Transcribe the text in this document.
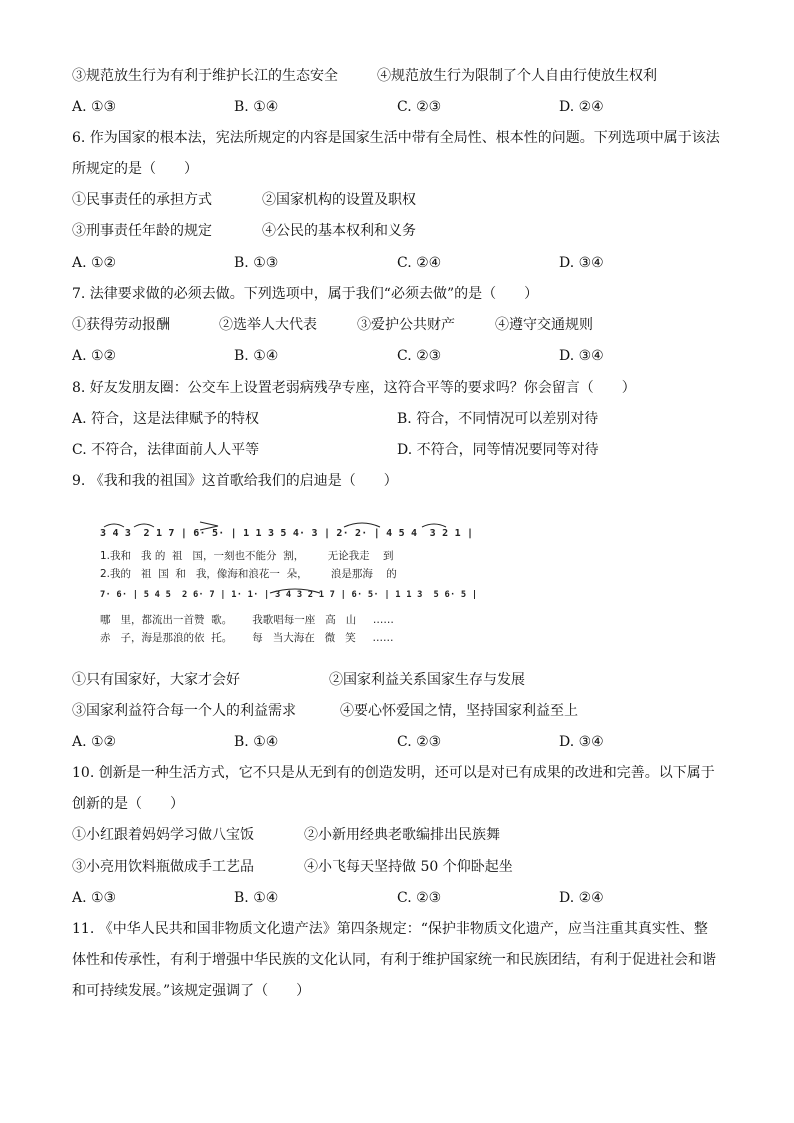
③规范放生行为有利于维护长江的生态安全	④规范放生行为限制了个人自由行使放生权利
A. ①③	B. ①④	C. ②③	D. ②④
6. 作为国家的根本法，宪法所规定的内容是国家生活中带有全局性、根本性的问题。下列选项中属于该法
所规定的是（　　）
①民事责任的承担方式	②国家机构的设置及职权
③刑事责任年龄的规定	④公民的基本权利和义务
A. ①②	B. ①③	C. ②④	D. ③④
7. 法律要求做的必须去做。下列选项中，属于我们“必须去做”的是（　　）
①获得劳动报酬	②选举人大代表	③爱护公共财产	④遵守交通规则
A. ①②	B. ①④	C. ②③	D. ③④
8. 好友发朋友圈：公交车上设置老弱病残孕专座，这符合平等的要求吗？你会留言（　　）
A. 符合，这是法律赋予的特权	B. 符合，不同情况可以差别对待
C. 不符合，法律面前人人平等	D. 不符合，同等情况要同等对待
9. 《我和我的祖国》这首歌给我们的启迪是（　　）
3 4 3  2 1 7 | 6· 5· | 1 1 3 5 4· 3 | 2· 2· | 4 5 4  3 2 1 |
1.我和   我 的  祖   国，一刻也不能分  割，       无论我走    到
2.我的   祖  国  和   我，像海和浪花一  朵，       浪是那海    的
7· 6· | 5 4 5  2 6· 7 | 1· 1· | 3 4 3 2 1 7 | 6· 5· | 1 1 3  5 6· 5 |
哪   里，都流出一首赞  歌。      我歌唱每一座   高   山     ……
赤   子，海是那浪的依  托。      每   当大海在   微   笑     ……
①只有国家好，大家才会好	②国家利益关系国家生存与发展
③国家利益符合每一个人的利益需求	④要心怀爱国之情，坚持国家利益至上
A. ①②	B. ①④	C. ②③	D. ③④
10. 创新是一种生活方式，它不只是从无到有的创造发明，还可以是对已有成果的改进和完善。以下属于
创新的是（　　）
①小红跟着妈妈学习做八宝饭	②小新用经典老歌编排出民族舞
③小亮用饮料瓶做成手工艺品	④小飞每天坚持做 50 个仰卧起坐
A. ①③	B. ①④	C. ②③	D. ②④
11. 《中华人民共和国非物质文化遗产法》第四条规定：“保护非物质文化遗产，应当注重其真实性、整
体性和传承性，有利于增强中华民族的文化认同，有利于维护国家统一和民族团结，有利于促进社会和谐
和可持续发展。”该规定强调了（　　）
